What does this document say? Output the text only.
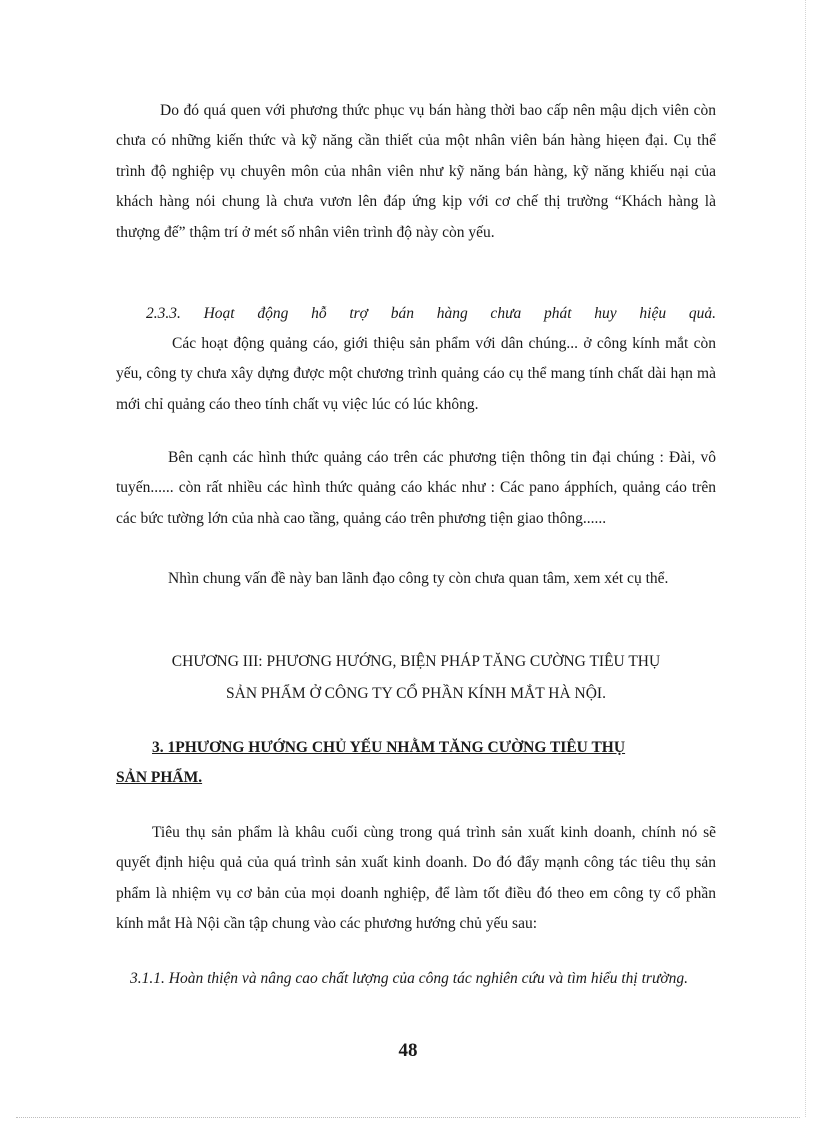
Do đó quá quen với phương thức phục vụ bán hàng thời bao cấp nên mậu dịch viên còn chưa có những kiến thức và kỹ năng cần thiết của một nhân viên bán hàng hiẹen đại. Cụ thể trình độ nghiệp vụ chuyên môn của nhân viên như kỹ năng bán hàng, kỹ năng khiếu nại của khách hàng nói chung là chưa vươn lên đáp ứng kịp với cơ chế thị trường “Khách hàng là thượng đế” thậm trí ở mét số nhân viên trình độ này còn yếu.

2.3.3. Hoạt động hỗ trợ bán hàng chưa phát huy hiệu quả.

Các hoạt động quảng cáo, giới thiệu sản phẩm với dân chúng... ở công kính mắt còn yếu, công ty chưa xây dựng được một chương trình quảng cáo cụ thể mang tính chất dài hạn mà mới chỉ quảng cáo theo tính chất vụ việc lúc có lúc không.

Bên cạnh các hình thức quảng cáo trên các phương tiện thông tin đại chúng : Đài, vô tuyến...... còn rất nhiều các hình thức quảng cáo khác như : Các pano ápphích, quảng cáo trên các bức tường lớn của nhà cao tầng, quảng cáo trên phương tiện giao thông......

Nhìn chung vấn đề này ban lãnh đạo công ty còn chưa quan tâm, xem xét cụ thể.

CHƯƠNG III: PHƯƠNG HƯỚNG, BIỆN PHÁP TĂNG CƯỜNG TIÊU THỤ
SẢN PHẨM Ở CÔNG TY CỔ PHẦN KÍNH MẮT HÀ NỘI.
3. 1PHƯƠNG HƯỚNG CHỦ YẾU NHẰM TĂNG CƯỜNG TIÊU THỤ
SẢN PHẨM.

Tiêu thụ sản phẩm là khâu cuối cùng trong quá trình sản xuất kinh doanh, chính nó sẽ quyết định hiệu quả của quá trình sản xuất kinh doanh. Do đó đẩy mạnh công tác tiêu thụ sản phẩm là nhiệm vụ cơ bản của mọi doanh nghiệp, để làm tốt điều đó theo em công ty cổ phần kính mắt Hà Nội cần tập chung vào các phương hướng chủ yếu sau:

3.1.1. Hoàn thiện và nâng cao chất lượng của công tác nghiên cứu và tìm hiểu thị trường.

48
